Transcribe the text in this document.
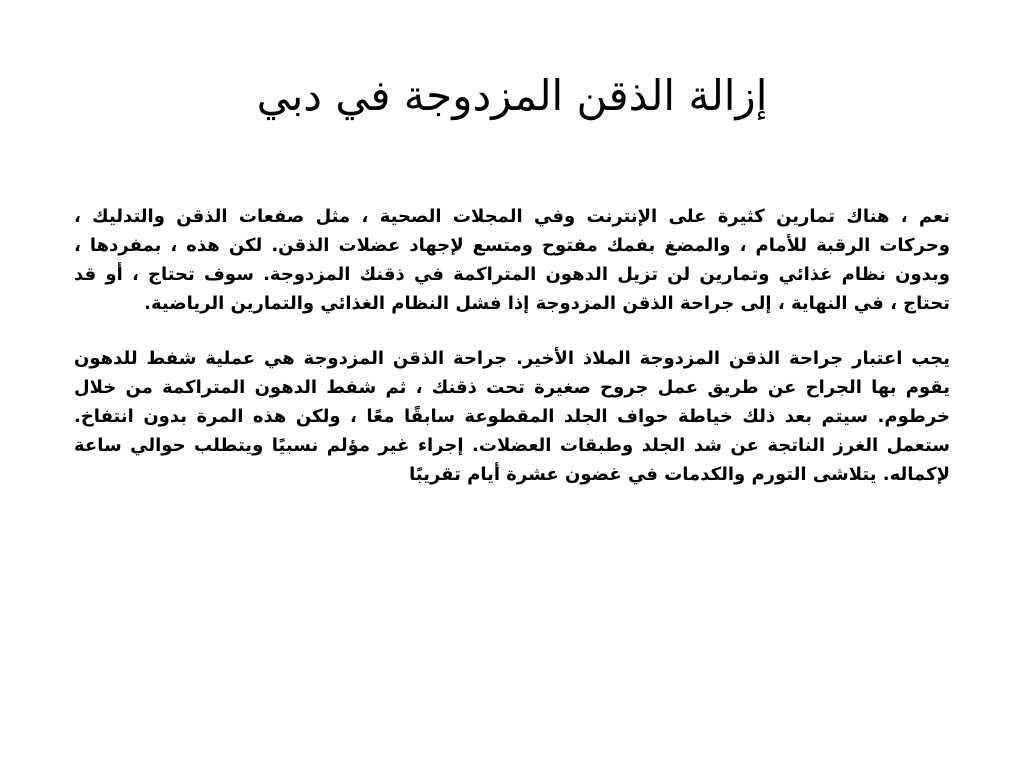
إزالة الذقن المزدوجة في دبي

نعم ، هناك تمارين كثيرة على الإنترنت وفي المجلات الصحية ، مثل صفعات الذقن والتدليك ، وحركات الرقبة للأمام ، والمضغ بفمك مفتوح ومتسع لإجهاد عضلات الذقن. لكن هذه ، بمفردها ، وبدون نظام غذائي وتمارين لن تزيل الدهون المتراكمة في ذقنك المزدوجة. سوف تحتاج ، أو قد تحتاج ، في النهاية ، إلى جراحة الذقن المزدوجة إذا فشل النظام الغذائي والتمارين الرياضية.

يجب اعتبار جراحة الذقن المزدوجة الملاذ الأخير. جراحة الذقن المزدوجة هي عملية شفط للدهون يقوم بها الجراح عن طريق عمل جروح صغيرة تحت ذقنك ، ثم شفط الدهون المتراكمة من خلال خرطوم. سيتم بعد ذلك خياطة حواف الجلد المقطوعة سابقًا معًا ، ولكن هذه المرة بدون انتفاخ. ستعمل الغرز الناتجة عن شد الجلد وطبقات العضلات. إجراء غير مؤلم نسبيًا ويتطلب حوالي ساعة لإكماله. يتلاشى التورم والكدمات في غضون عشرة أيام تقريبًا
